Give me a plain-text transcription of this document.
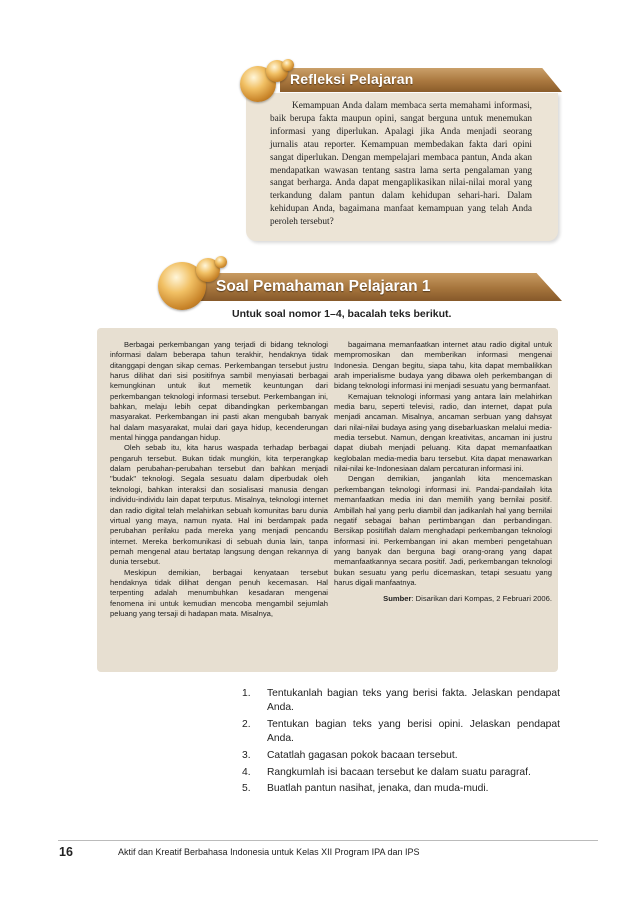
Refleksi Pelajaran
Kemampuan Anda dalam membaca serta memahami informasi, baik berupa fakta maupun opini, sangat berguna untuk menemukan informasi yang diperlukan. Apalagi jika Anda menjadi seorang jurnalis atau reporter. Kemampuan membedakan fakta dari opini sangat diperlukan. Dengan mempelajari membaca pantun, Anda akan mendapatkan wawasan tentang sastra lama serta pengalaman yang sangat berharga. Anda dapat mengaplikasikan nilai-nilai moral yang terkandung dalam pantun dalam kehidupan sehari-hari. Dalam kehidupan Anda, bagaimana manfaat kemampuan yang telah Anda peroleh tersebut?
Soal Pemahaman Pelajaran 1
Untuk soal nomor 1–4, bacalah teks berikut.

Berbagai perkembangan yang terjadi di bidang teknologi informasi dalam beberapa tahun terakhir, hendaknya tidak ditanggapi dengan sikap cemas. Perkembangan tersebut justru harus dilihat dari sisi positifnya sambil menyiasati berbagai kemungkinan untuk ikut memetik keuntungan dari perkembangan teknologi informasi tersebut. Perkembangan ini, bahkan, melaju lebih cepat dibandingkan perkembangan masyarakat. Perkembangan ini pasti akan mengubah banyak hal dalam masyarakat, mulai dari gaya hidup, kecenderungan mental hingga pandangan hidup.

Oleh sebab itu, kita harus waspada terhadap berbagai pengaruh tersebut. Bukan tidak mungkin, kita terperangkap dalam perubahan-perubahan tersebut dan bahkan menjadi "budak" teknologi. Segala sesuatu dalam diperbudak oleh teknologi, bahkan interaksi dan sosialisasi manusia dengan individu-individu lain dapat terputus. Misalnya, teknologi internet dan radio digital telah melahirkan sebuah komunitas baru dunia virtual yang maya, namun nyata. Hal ini berdampak pada perubahan perilaku pada mereka yang menjadi pencandu internet. Mereka berkomunikasi di sebuah dunia lain, tanpa pernah mengenal atau bertatap langsung dengan rekannya di dunia tersebut.

Meskipun demikian, berbagai kenyataan tersebut hendaknya tidak dilihat dengan penuh kecemasan. Hal terpenting adalah menumbuhkan kesadaran mengenai fenomena ini untuk kemudian mencoba mengambil sejumlah peluang yang tersaji di hadapan mata. Misalnya,

bagaimana memanfaatkan internet atau radio digital untuk mempromosikan dan memberikan informasi mengenai Indonesia. Dengan begitu, siapa tahu, kita dapat membalikkan arah imperialisme budaya yang dibawa oleh perkembangan di bidang teknologi informasi ini menjadi sesuatu yang bermanfaat.

Kemajuan teknologi informasi yang antara lain melahirkan media baru, seperti televisi, radio, dan internet, dapat pula menjadi ancaman. Misalnya, ancaman serbuan yang dahsyat dari nilai-nilai budaya asing yang disebarluaskan melalui media-media tersebut. Namun, dengan kreativitas, ancaman ini justru dapat diubah menjadi peluang. Kita dapat memanfaatkan keglobalan media-media baru tersebut. Kita dapat menawarkan nilai-nilai ke-Indonesiaan dalam percaturan informasi ini.

Dengan demikian, janganlah kita mencemaskan perkembangan teknologi informasi ini. Pandai-pandailah kita memanfaatkan media ini dan memilih yang bernilai positif. Ambillah hal yang perlu diambil dan jadikanlah hal yang bernilai negatif sebagai bahan pertimbangan dan perbandingan. Bersikap positiflah dalam menghadapi perkembangan teknologi informasi ini. Perkembangan ini akan memberi pengetahuan yang banyak dan berguna bagi orang-orang yang dapat memanfaatkannya secara positif. Jadi, perkembangan teknologi bukan sesuatu yang perlu dicemaskan, tetapi sesuatu yang harus digali manfaatnya.

Sumber: Disarikan dari Kompas, 2 Februari 2006.

1. Tentukanlah bagian teks yang berisi fakta. Jelaskan pendapat Anda.
2. Tentukan bagian teks yang berisi opini. Jelaskan pendapat Anda.
3. Catatlah gagasan pokok bacaan tersebut.
4. Rangkumlah isi bacaan tersebut ke dalam suatu paragraf.
5. Buatlah pantun nasihat, jenaka, dan muda-mudi.
16	Aktif dan Kreatif Berbahasa Indonesia untuk Kelas XII Program IPA dan IPS
